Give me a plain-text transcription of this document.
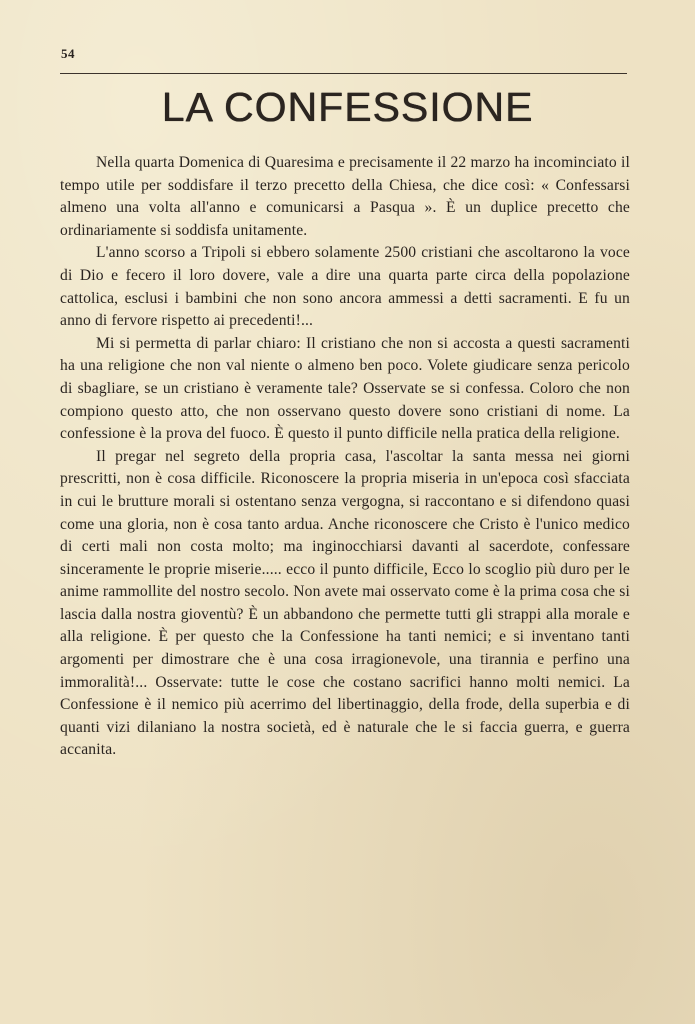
54
LA CONFESSIONE

Nella quarta Domenica di Quaresima e precisamente il 22 marzo ha incominciato il tempo utile per soddisfare il terzo precetto della Chiesa, che dice così: « Confessarsi almeno una volta all'anno e comunicarsi a Pasqua ». È un duplice precetto che ordinariamente si soddisfa unitamente.

L'anno scorso a Tripoli si ebbero solamente 2500 cristiani che ascoltarono la voce di Dio e fecero il loro dovere, vale a dire una quarta parte circa della popolazione cattolica, esclusi i bambini che non sono ancora ammessi a detti sacramenti. E fu un anno di fervore rispetto ai precedenti!...

Mi si permetta di parlar chiaro: Il cristiano che non si accosta a questi sacramenti ha una religione che non val niente o almeno ben poco. Volete giudicare senza pericolo di sbagliare, se un cristiano è veramente tale? Osservate se si confessa. Coloro che non compiono questo atto, che non osservano questo dovere sono cristiani di nome. La confessione è la prova del fuoco. È questo il punto difficile nella pratica della religione.

Il pregar nel segreto della propria casa, l'ascoltar la santa messa nei giorni prescritti, non è cosa difficile. Riconoscere la propria miseria in un'epoca così sfacciata in cui le brutture morali si ostentano senza vergogna, si raccontano e si difendono quasi come una gloria, non è cosa tanto ardua. Anche riconoscere che Cristo è l'unico medico di certi mali non costa molto; ma inginocchiarsi davanti al sacerdote, confessare sinceramente le proprie miserie..... ecco il punto difficile, Ecco lo scoglio più duro per le anime rammollite del nostro secolo. Non avete mai osservato come è la prima cosa che si lascia dalla nostra gioventù? È un abbandono che permette tutti gli strappi alla morale e alla religione. È per questo che la Confessione ha tanti nemici; e si inventano tanti argomenti per dimostrare che è una cosa irragionevole, una tirannia e perfino una immoralità!... Osservate: tutte le cose che costano sacrifici hanno molti nemici. La Confessione è il nemico più acerrimo del libertinaggio, della frode, della superbia e di quanti vizi dilaniano la nostra società, ed è naturale che le si faccia guerra, e guerra accanita.
